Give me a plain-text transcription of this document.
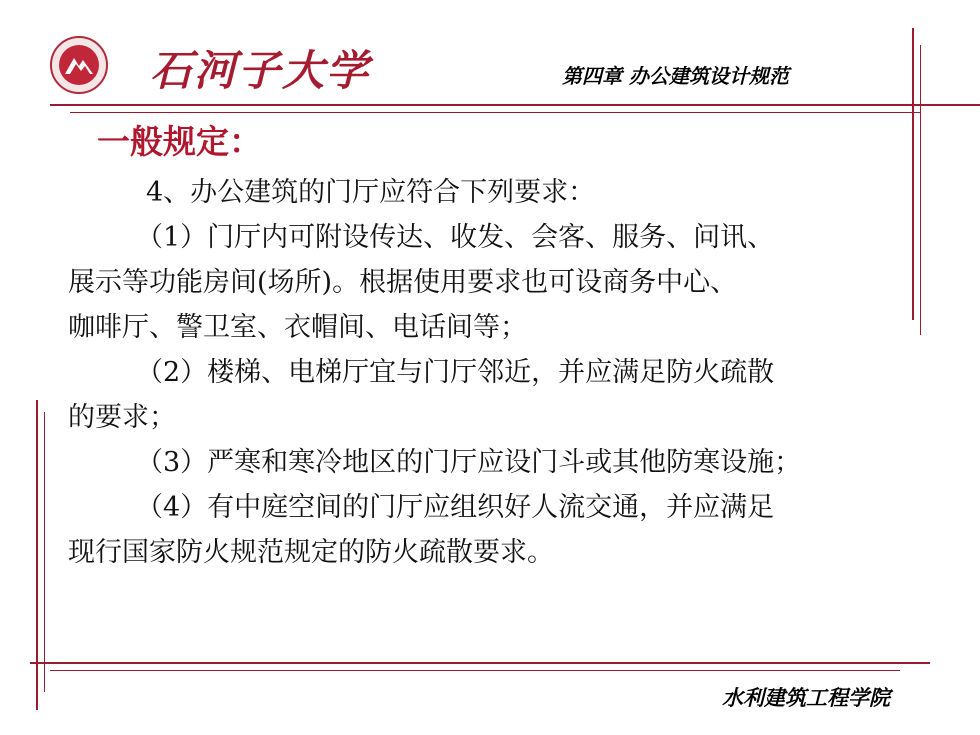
石河子大学	第四章 办公建筑设计规范
一般规定：
4、办公建筑的门厅应符合下列要求：
（1）门厅内可附设传达、收发、会客、服务、问讯、
展示等功能房间(场所)。根据使用要求也可设商务中心、
咖啡厅、警卫室、衣帽间、电话间等；
（2）楼梯、电梯厅宜与门厅邻近，并应满足防火疏散
的要求；
（3）严寒和寒冷地区的门厅应设门斗或其他防寒设施；
（4）有中庭空间的门厅应组织好人流交通，并应满足
现行国家防火规范规定的防火疏散要求。
水利建筑工程学院
